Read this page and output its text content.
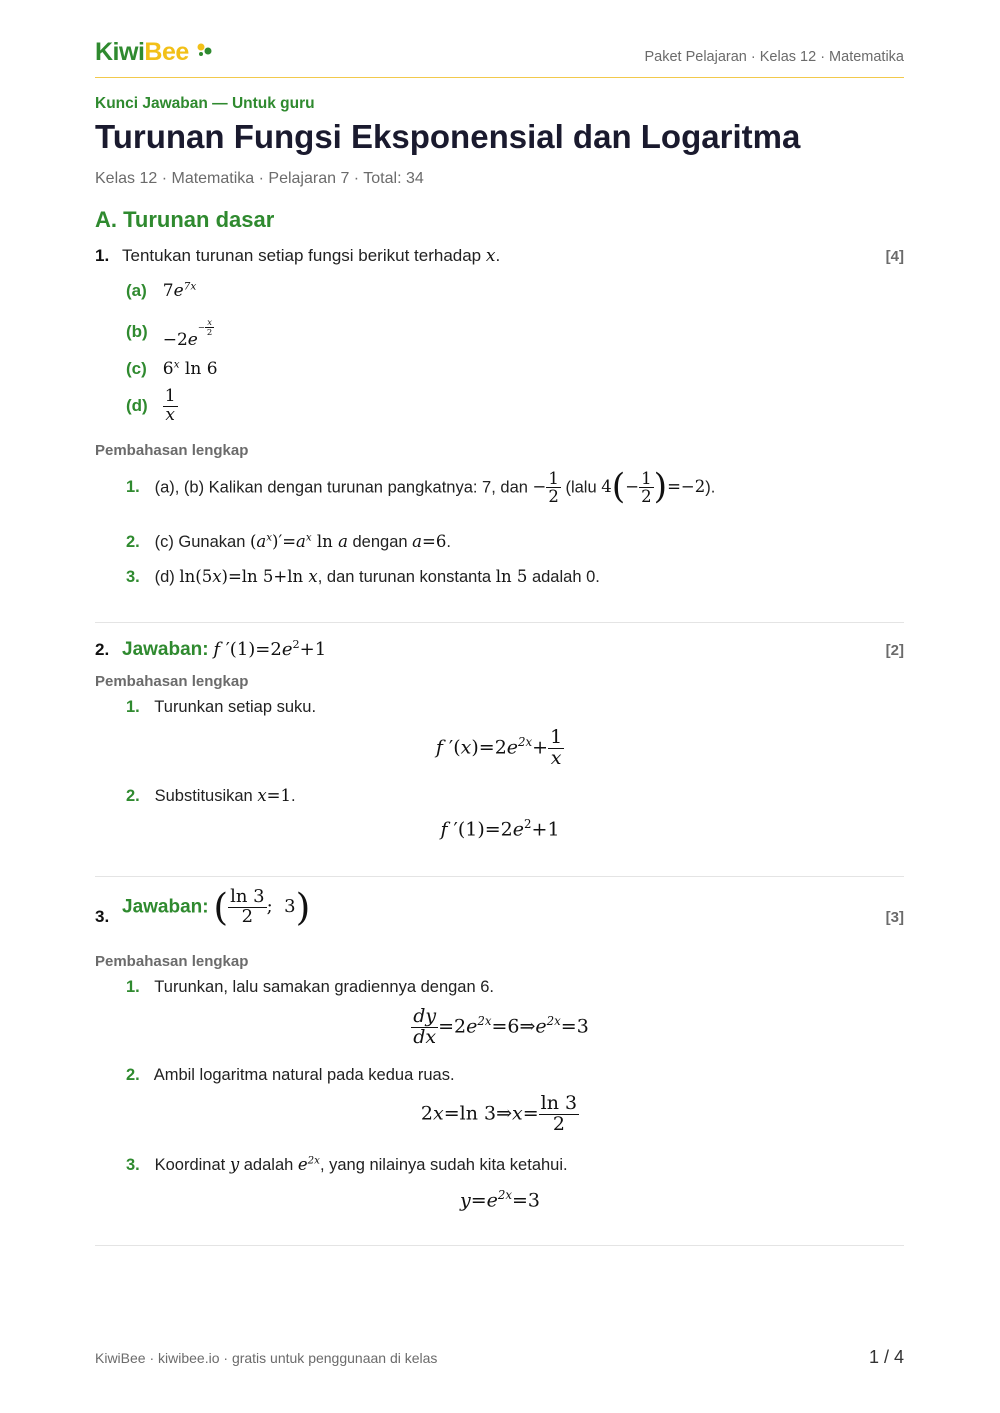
KiwiBee	Paket Pelajaran · Kelas 12 · Matematika
Kunci Jawaban — Untuk guru
Turunan Fungsi Eksponensial dan Logaritma
Kelas 12 · Matematika · Pelajaran 7 · Total: 34
A. Turunan dasar
1. Tentukan turunan setiap fungsi berikut terhadap x.	[4]
(a) $7e^{7x}$
$(b) -2e^{- \frac{x}{2}}$
(c) 6$^x$ ln 6
$(d) \frac{1}{x}$
Pembahasan lengkap
1. (a), (b) Kalikan dengan turunan pangkatnya: 7, dan − $\frac{1}{2}$ (lalu $4(- \frac{1}{2} )=-2$).
2. (c) Gunakan $(a^x)'=a^x$ ln a dengan a=6.
3. (d) ln(5x)=ln 5+ln x, dan turunan konstanta ln 5 adalah 0.
2. Jawaban: f $'(1)=2e^2+1$	[2]
Pembahasan lengkap
1. Turunkan setiap suku.
f $'(x)=2e^{2x}+ \frac{1}{x}$
2. Substitusikan x=1.
f $'(1)=2e^2+1$
3. Jawaban: ( $\frac{\ln 3}{2}$ ;  3)	[3]
Pembahasan lengkap
1. Turunkan, lalu samakan gradiennya dengan 6.
$\frac{dy}{dx}$ $=2e^{2x}=6\Rightarrow e^{2x}=3$
2. Ambil logaritma natural pada kedua ruas.
2x=ln 3⇒x= $\frac{\ln 3}{2}$
3. Koordinat y adalah $e^{2x}$, yang nilainya sudah kita ketahui.
$y=e^{2x}=3$
KiwiBee · kiwibee.io · gratis untuk penggunaan di kelas	1 / 4
